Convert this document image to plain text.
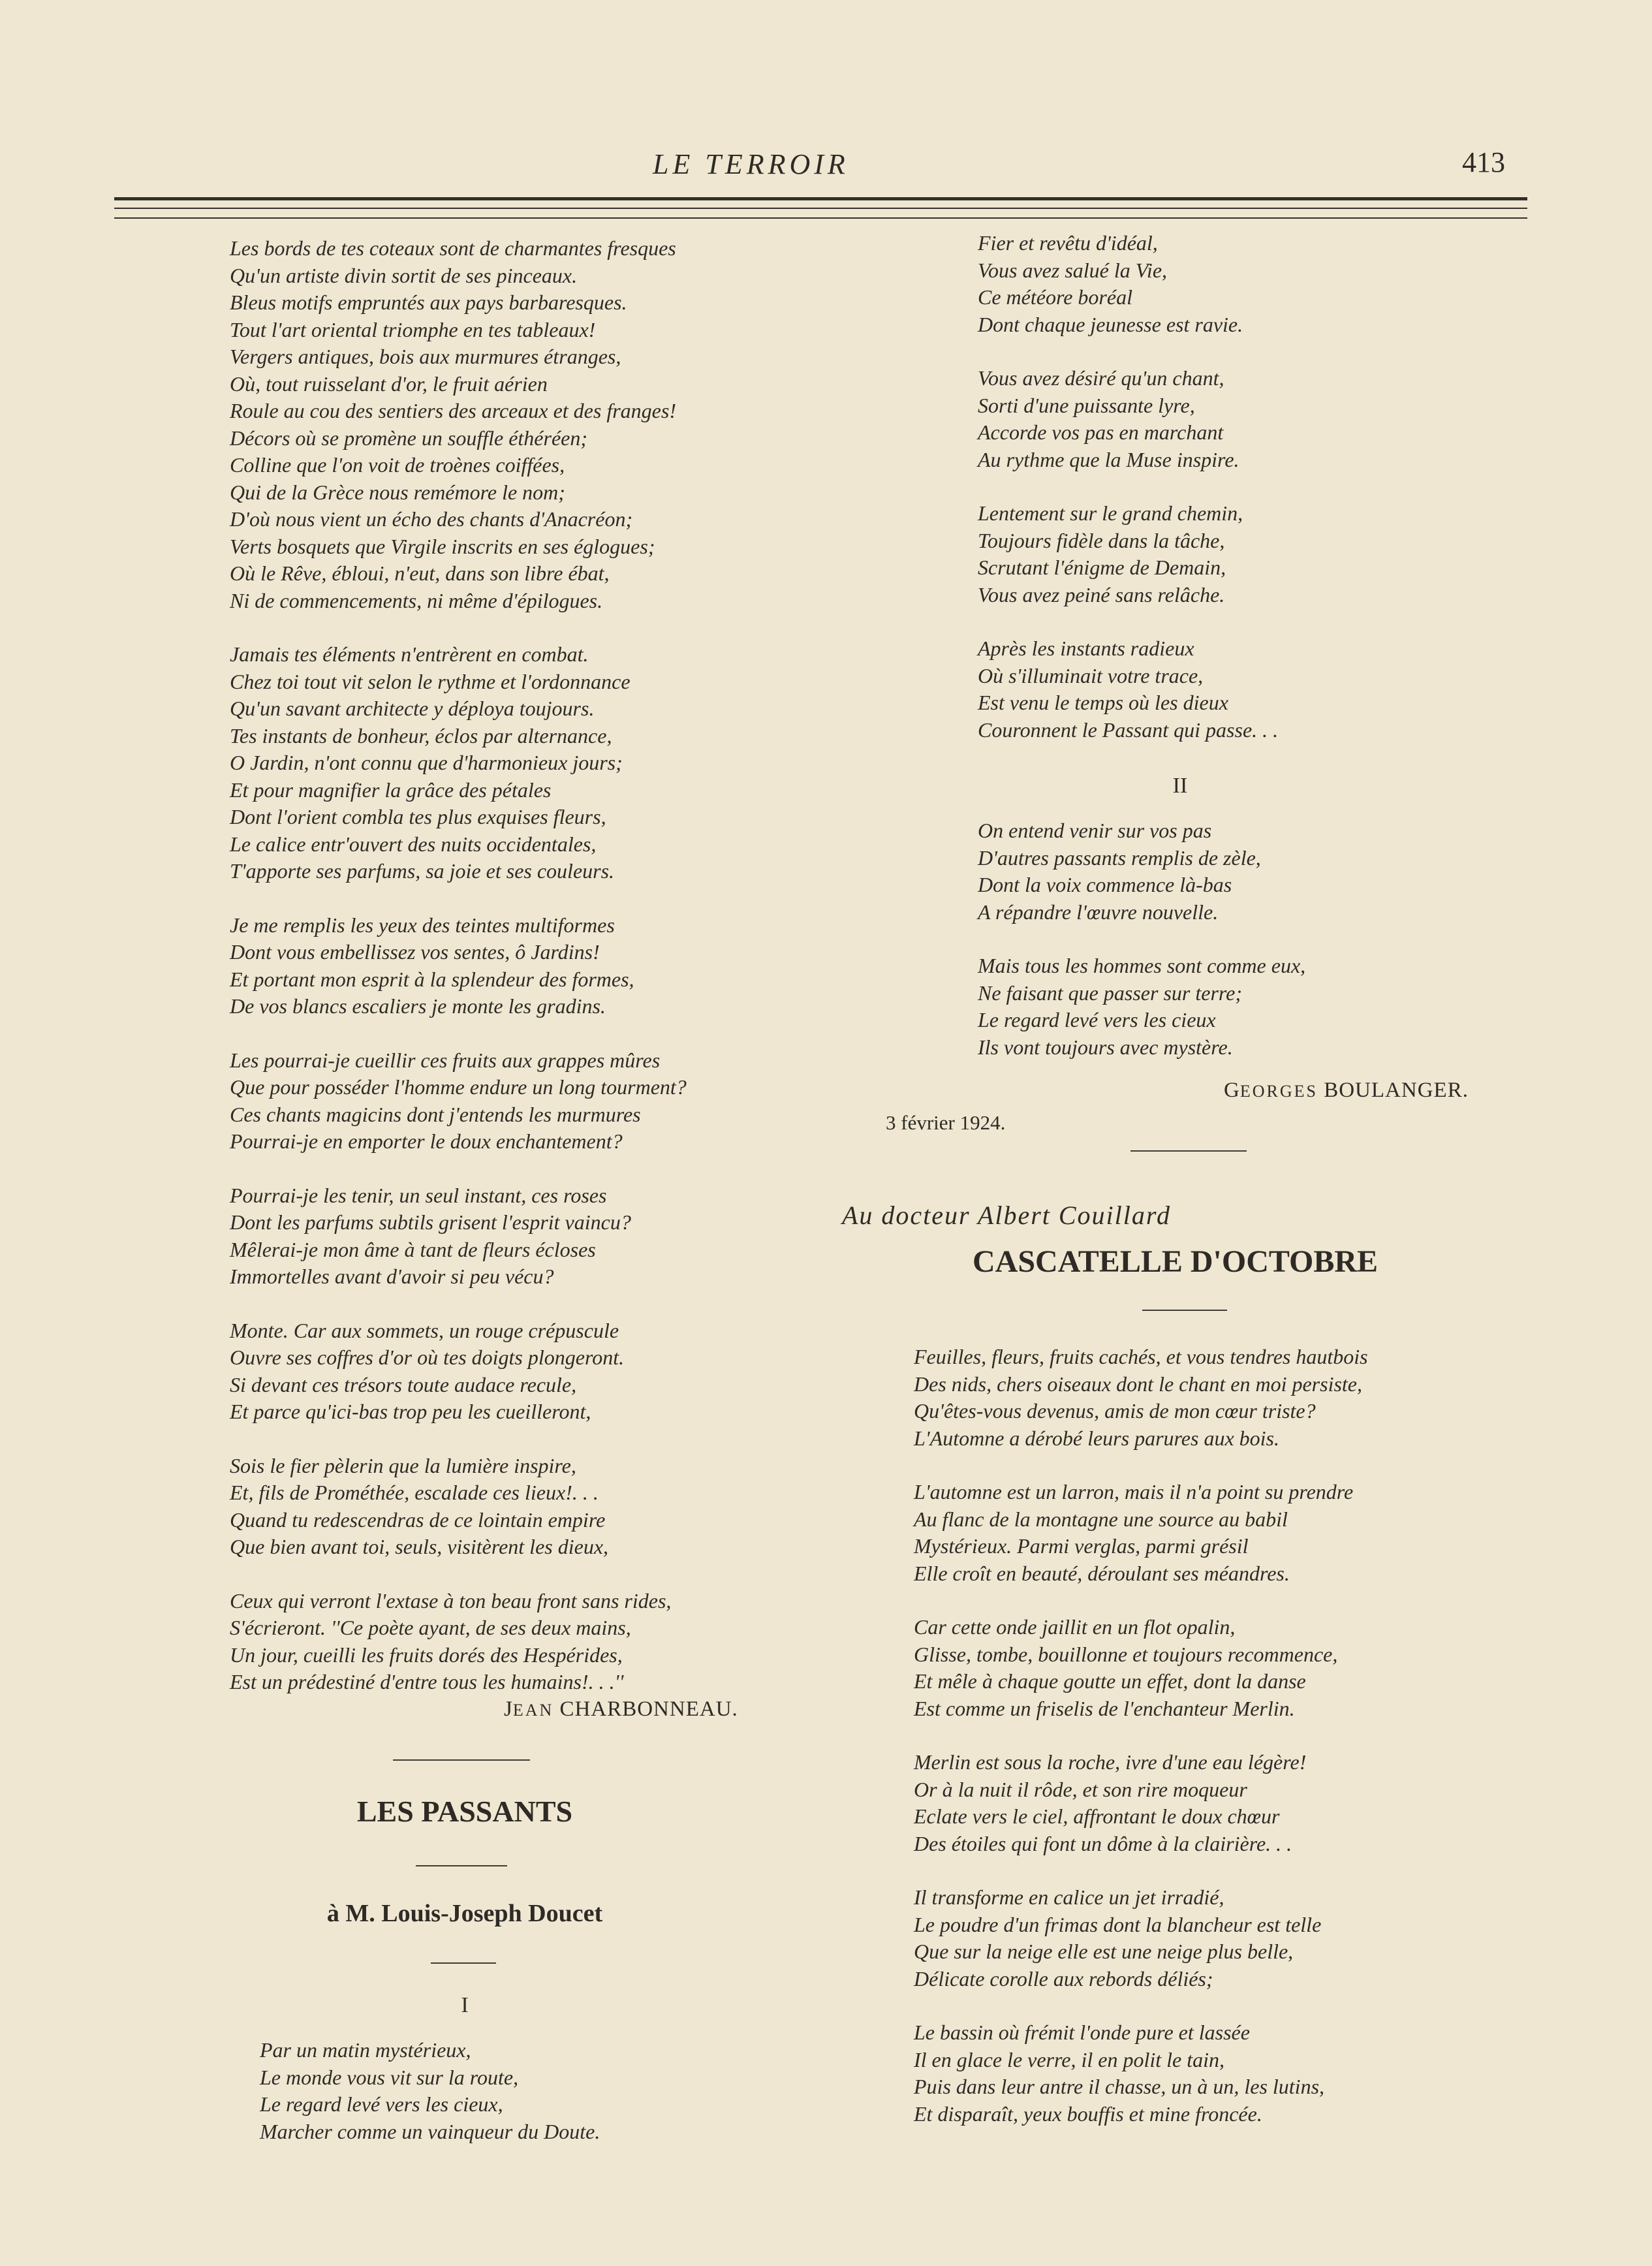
LE TERROIR	413
Les bords de tes coteaux sont de charmantes fresques
Qu'un artiste divin sortit de ses pinceaux.
Bleus motifs empruntés aux pays barbaresques.
Tout l'art oriental triomphe en tes tableaux!
Vergers antiques, bois aux murmures étranges,
Où, tout ruisselant d'or, le fruit aérien
Roule au cou des sentiers des arceaux et des franges!
Décors où se promène un souffle éthéréen;
Colline que l'on voit de troènes coiffées,
Qui de la Grèce nous remémore le nom;
D'où nous vient un écho des chants d'Anacréon;
Verts bosquets que Virgile inscrits en ses églogues;
Où le Rêve, ébloui, n'eut, dans son libre ébat,
Ni de commencements, ni même d'épilogues.
Jamais tes éléments n'entrèrent en combat.
Chez toi tout vit selon le rythme et l'ordonnance
Qu'un savant architecte y déploya toujours.
Tes instants de bonheur, éclos par alternance,
O Jardin, n'ont connu que d'harmonieux jours;
Et pour magnifier la grâce des pétales
Dont l'orient combla tes plus exquises fleurs,
Le calice entr'ouvert des nuits occidentales,
T'apporte ses parfums, sa joie et ses couleurs.
Je me remplis les yeux des teintes multiformes
Dont vous embellissez vos sentes, ô Jardins!
Et portant mon esprit à la splendeur des formes,
De vos blancs escaliers je monte les gradins.
Les pourrai-je cueillir ces fruits aux grappes mûres
Que pour posséder l'homme endure un long tourment?
Ces chants magicins dont j'entends les murmures
Pourrai-je en emporter le doux enchantement?
Pourrai-je les tenir, un seul instant, ces roses
Dont les parfums subtils grisent l'esprit vaincu?
Mêlerai-je mon âme à tant de fleurs écloses
Immortelles avant d'avoir si peu vécu?
Monte. Car aux sommets, un rouge crépuscule
Ouvre ses coffres d'or où tes doigts plongeront.
Si devant ces trésors toute audace recule,
Et parce qu'ici-bas trop peu les cueilleront,
Sois le fier pèlerin que la lumière inspire,
Et, fils de Prométhée, escalade ces lieux!. . .
Quand tu redescendras de ce lointain empire
Que bien avant toi, seuls, visitèrent les dieux,
Ceux qui verront l'extase à ton beau front sans rides,
S'écrieront. ''Ce poète ayant, de ses deux mains,
Un jour, cueilli les fruits dorés des Hespérides,
Est un prédestiné d'entre tous les humains!. . .''
JEAN CHARBONNEAU.
LES PASSANTS
à M. Louis-Joseph Doucet
I
Par un matin mystérieux,
Le monde vous vit sur la route,
Le regard levé vers les cieux,
Marcher comme un vainqueur du Doute.
Fier et revêtu d'idéal,
Vous avez salué la Vie,
Ce météore boréal
Dont chaque jeunesse est ravie.
Vous avez désiré qu'un chant,
Sorti d'une puissante lyre,
Accorde vos pas en marchant
Au rythme que la Muse inspire.
Lentement sur le grand chemin,
Toujours fidèle dans la tâche,
Scrutant l'énigme de Demain,
Vous avez peiné sans relâche.
Après les instants radieux
Où s'illuminait votre trace,
Est venu le temps où les dieux
Couronnent le Passant qui passe. . .
II
On entend venir sur vos pas
D'autres passants remplis de zèle,
Dont la voix commence là-bas
A répandre l'œuvre nouvelle.
Mais tous les hommes sont comme eux,
Ne faisant que passer sur terre;
Le regard levé vers les cieux
Ils vont toujours avec mystère.
GEORGES BOULANGER.
3 février 1924.
Au docteur Albert Couillard
CASCATELLE D'OCTOBRE
Feuilles, fleurs, fruits cachés, et vous tendres hautbois
Des nids, chers oiseaux dont le chant en moi persiste,
Qu'êtes-vous devenus, amis de mon cœur triste?
L'Automne a dérobé leurs parures aux bois.
L'automne est un larron, mais il n'a point su prendre
Au flanc de la montagne une source au babil
Mystérieux. Parmi verglas, parmi grésil
Elle croît en beauté, déroulant ses méandres.
Car cette onde jaillit en un flot opalin,
Glisse, tombe, bouillonne et toujours recommence,
Et mêle à chaque goutte un effet, dont la danse
Est comme un friselis de l'enchanteur Merlin.
Merlin est sous la roche, ivre d'une eau légère!
Or à la nuit il rôde, et son rire moqueur
Eclate vers le ciel, affrontant le doux chœur
Des étoiles qui font un dôme à la clairière. . .
Il transforme en calice un jet irradié,
Le poudre d'un frimas dont la blancheur est telle
Que sur la neige elle est une neige plus belle,
Délicate corolle aux rebords déliés;
Le bassin où frémit l'onde pure et lassée
Il en glace le verre, il en polit le tain,
Puis dans leur antre il chasse, un à un, les lutins,
Et disparaît, yeux bouffis et mine froncée.
